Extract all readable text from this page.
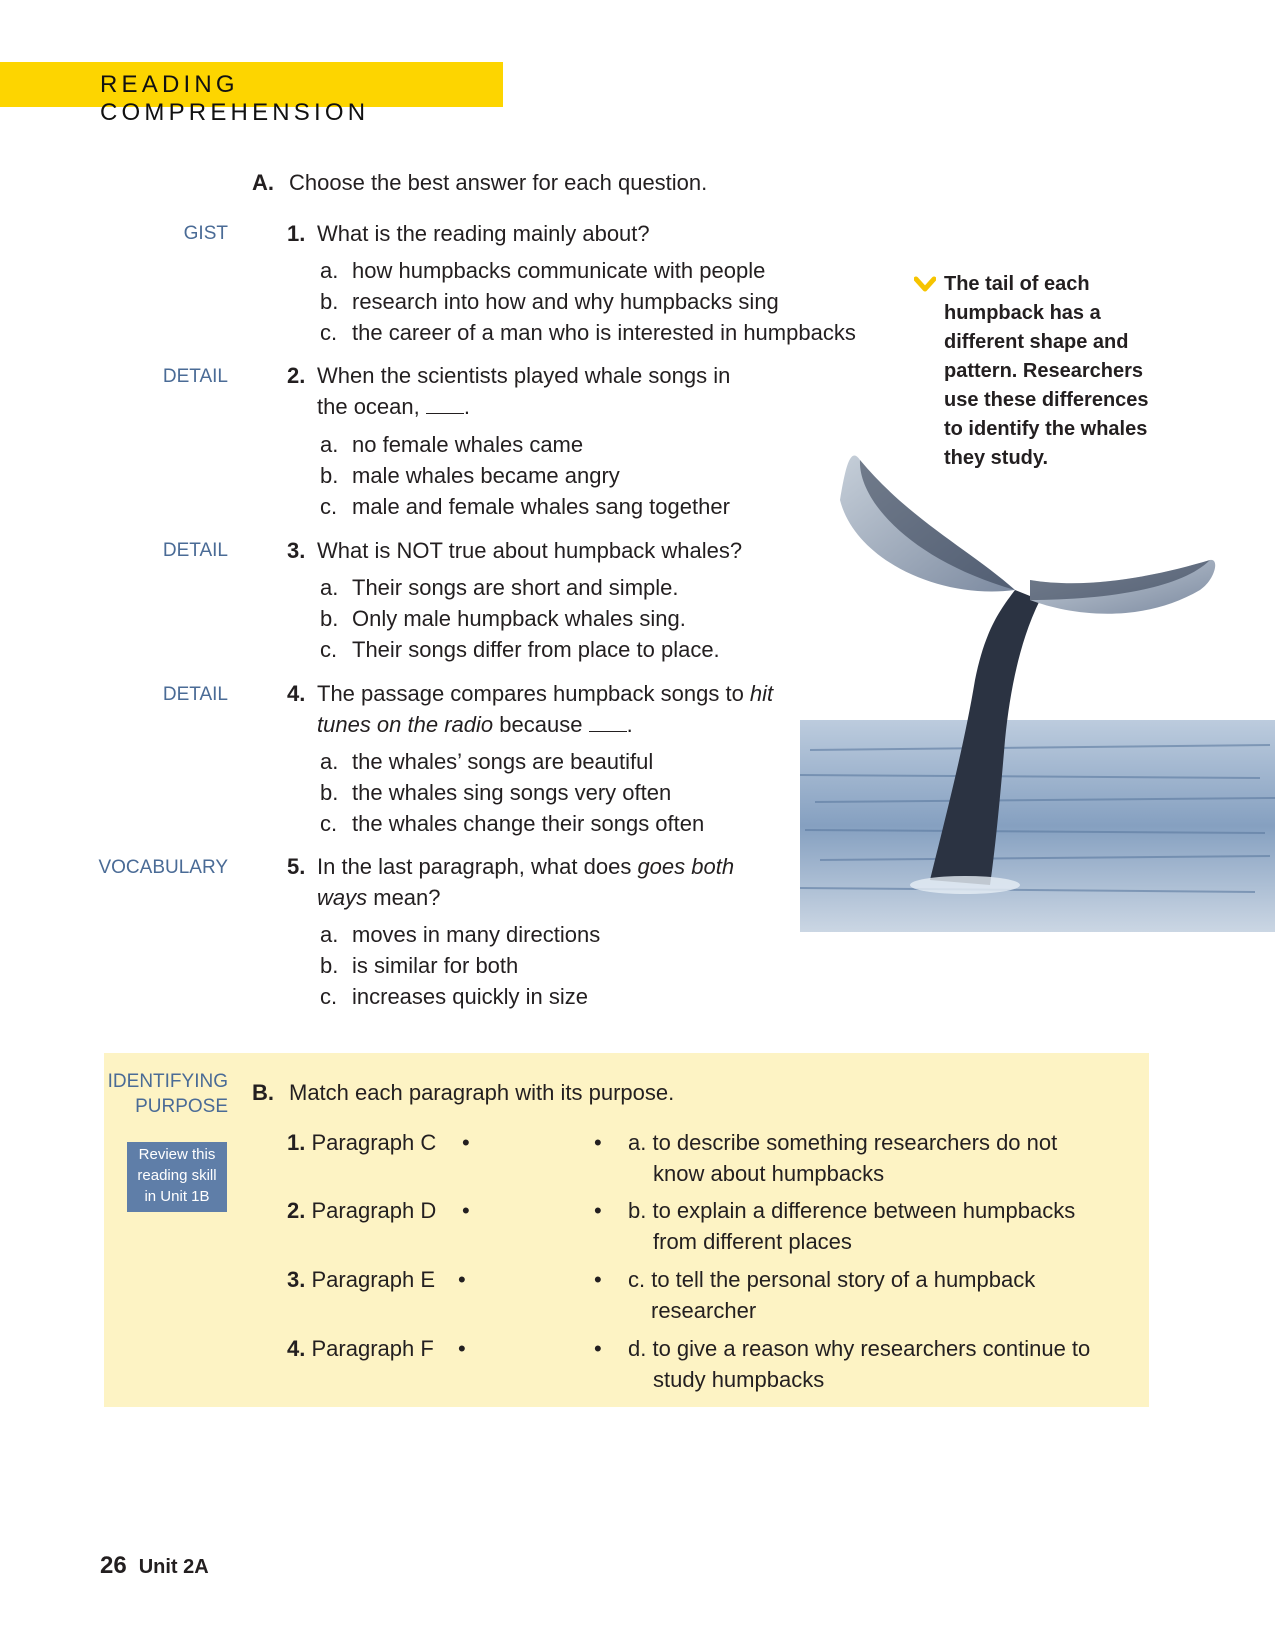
READING COMPREHENSION
A. Choose the best answer for each question.
GIST	1. What is the reading mainly about?
a. how humpbacks communicate with people
b. research into how and why humpbacks sing
c. the career of a man who is interested in humpbacks
DETAIL	2. When the scientists played whale songs in
the ocean, .
a. no female whales came
b. male whales became angry
c. male and female whales sang together
DETAIL	3. What is NOT true about humpback whales?
a. Their songs are short and simple.
b. Only male humpback whales sing.
c. Their songs differ from place to place.
DETAIL	4. The passage compares humpback songs to hit
tunes on the radio because .
a. the whales’ songs are beautiful
b. the whales sing songs very often
c. the whales change their songs often
VOCABULARY	5. In the last paragraph, what does goes both
ways mean?
a. moves in many directions
b. is similar for both
c. increases quickly in size
The tail of each humpback has a different shape and pattern. Researchers use these differences to identify the whales they study.
IDENTIFYING
PURPOSE
Review this
reading skill
in Unit 1B
B. Match each paragraph with its purpose.
1. Paragraph C •	• a. to describe something researchers do not
know about humpbacks
2. Paragraph D •	• b. to explain a difference between humpbacks
from different places
3. Paragraph E •	• c. to tell the personal story of a humpback
researcher
4. Paragraph F •	• d. to give a reason why researchers continue to
study humpbacks
26 Unit 2A
